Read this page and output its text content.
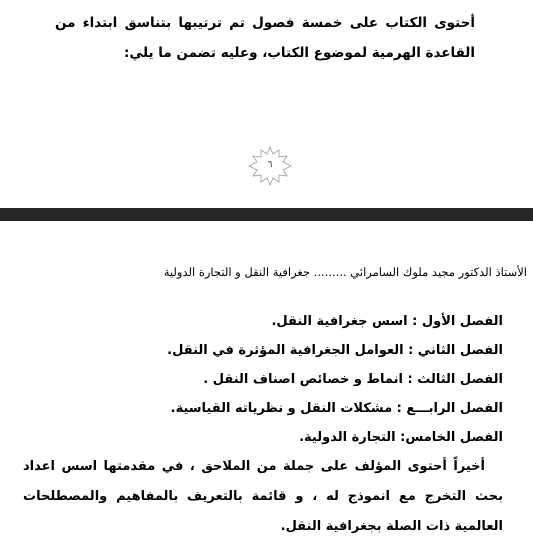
أحتوى الكتاب على خمسة فصول تم ترتيبها بتناسق ابتداء من القاعدة الهرمية لموضوع الكتاب، وعليه تضمن ما يلي:

٦
الأستاذ الدكتور مجيد ملوك السامرائي ......... جغرافية النقل و التجارة الدولية
الفصل الأول : اسس جغرافية النقل.
الفصل الثاني : العوامل الجغرافية المؤثرة في النقل.
الفصل الثالث : انماط و خصائص اصناف النقل .
الفصل الرابـــع : مشكلات النقل و نظرياته القياسية.
الفصل الخامس: التجارة الدولية.

أخيراً أحتوى المؤلف على جملة من الملاحق ، في مقدمتها اسس اعداد بحث التخرج مع انموذج له ، و قائمة بالتعريف بالمفاهيم والمصطلحات العالمية ذات الصلة بجغرافية النقل.
